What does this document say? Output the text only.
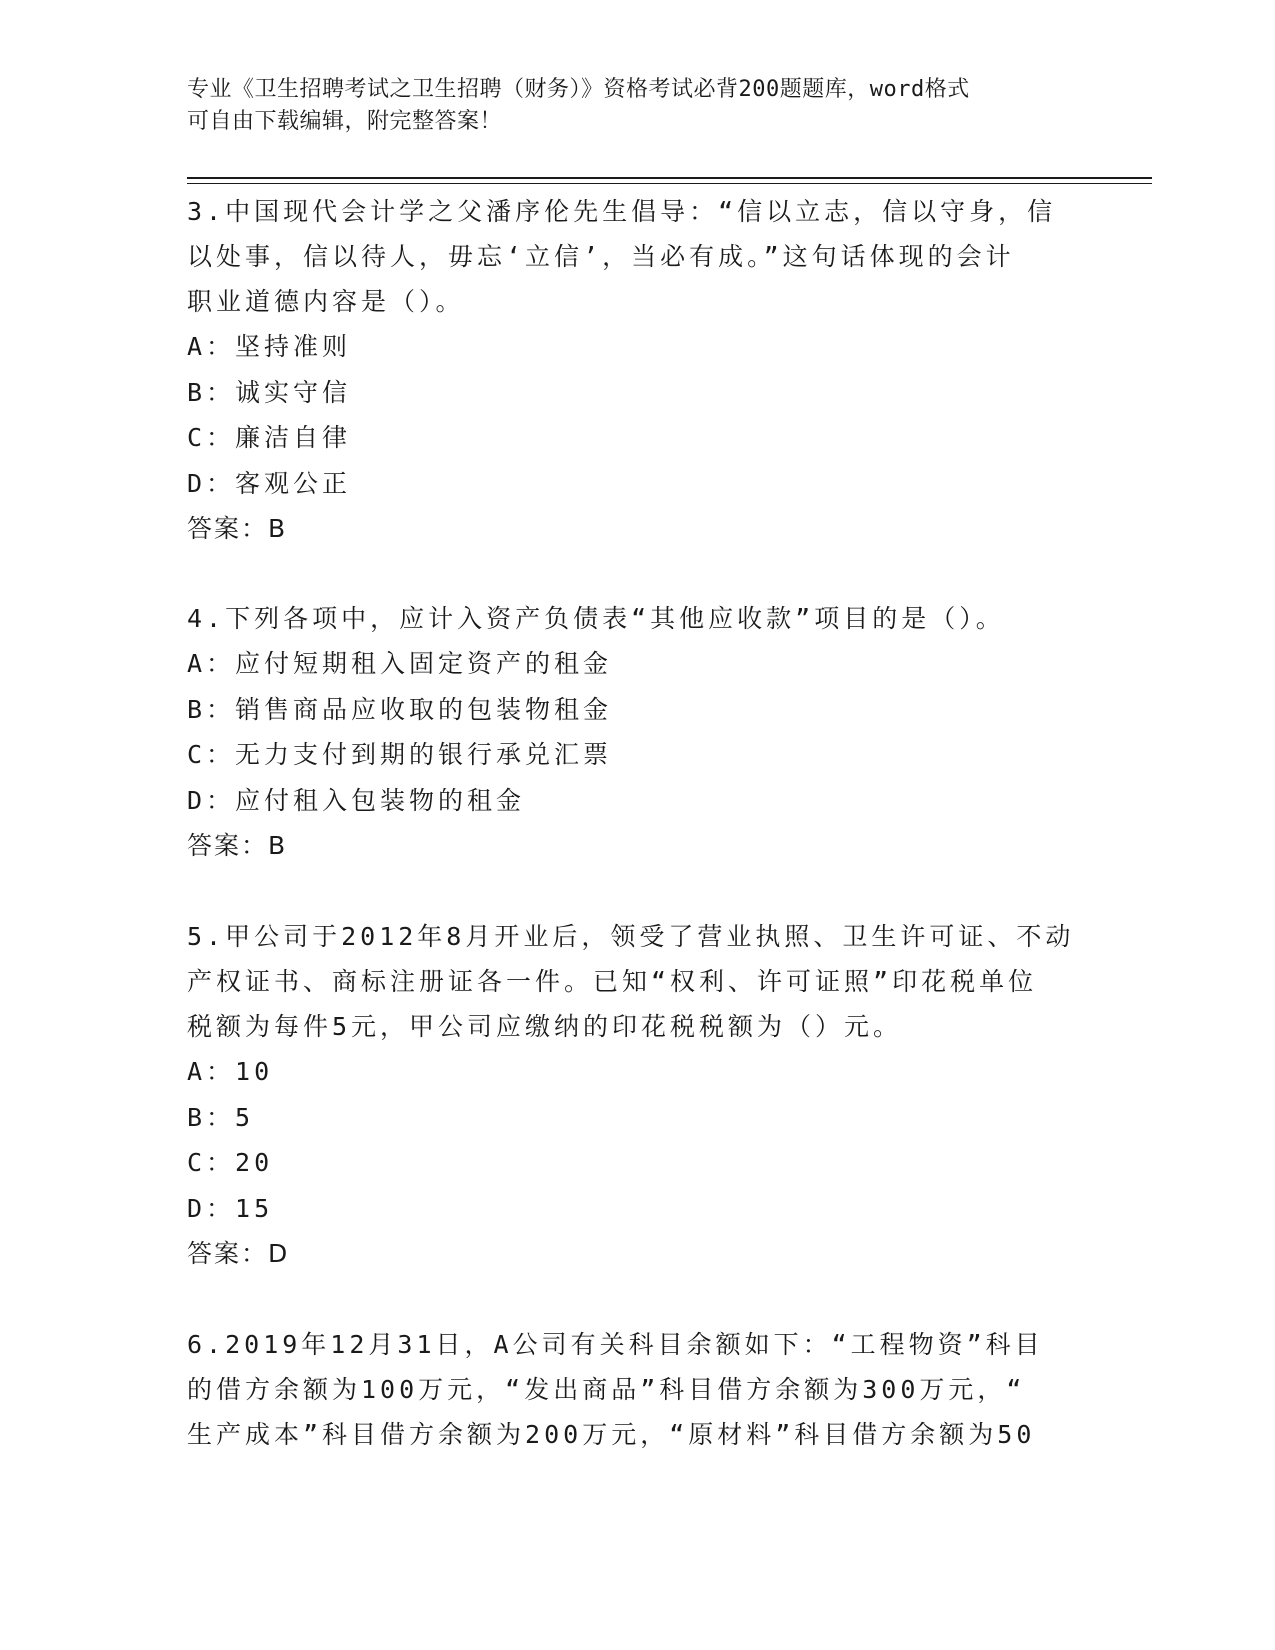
专业《卫生招聘考试之卫生招聘（财务）》资格考试必背200题题库，word格式
可自由下载编辑，附完整答案！

3.中国现代会计学之父潘序伦先生倡导：“信以立志，信以守身，信

以处事，信以待人，毋忘‘立信’，当必有成。”这句话体现的会计

职业道德内容是（）。

A：坚持准则

B：诚实守信

C：廉洁自律

D：客观公正

答案：B

4.下列各项中，应计入资产负债表“其他应收款”项目的是（）。

A：应付短期租入固定资产的租金

B：销售商品应收取的包装物租金

C：无力支付到期的银行承兑汇票

D：应付租入包装物的租金

答案：B

5.甲公司于2012年8月开业后，领受了营业执照、卫生许可证、不动

产权证书、商标注册证各一件。已知“权利、许可证照”印花税单位

税额为每件5元，甲公司应缴纳的印花税税额为（）元。

A：10

B：5

C：20

D：15

答案：D

6.2019年12月31日，A公司有关科目余额如下：“工程物资”科目

的借方余额为100万元，“发出商品”科目借方余额为300万元，“

生产成本”科目借方余额为200万元，“原材料”科目借方余额为50
